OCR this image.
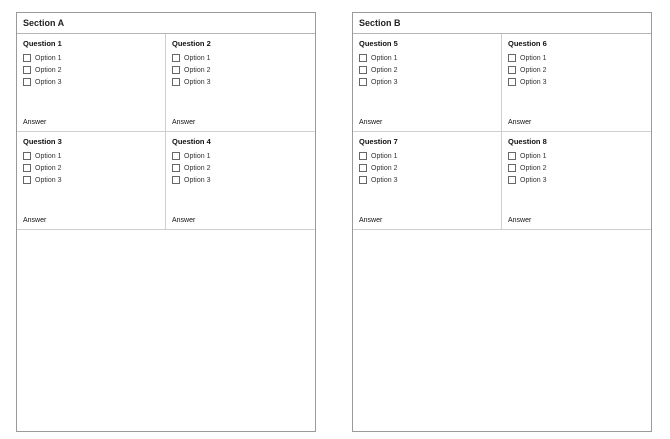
Section A
Question 1
Option 1
Option 2
Option 3
Answer
Question 2
Option 1
Option 2
Option 3
Answer
Question 3
Option 1
Option 2
Option 3
Answer
Question 4
Option 1
Option 2
Option 3
Answer
Section B
Question 5
Option 1
Option 2
Option 3
Answer
Question 6
Option 1
Option 2
Option 3
Answer
Question 7
Option 1
Option 2
Option 3
Answer
Question 8
Option 1
Option 2
Option 3
Answer
